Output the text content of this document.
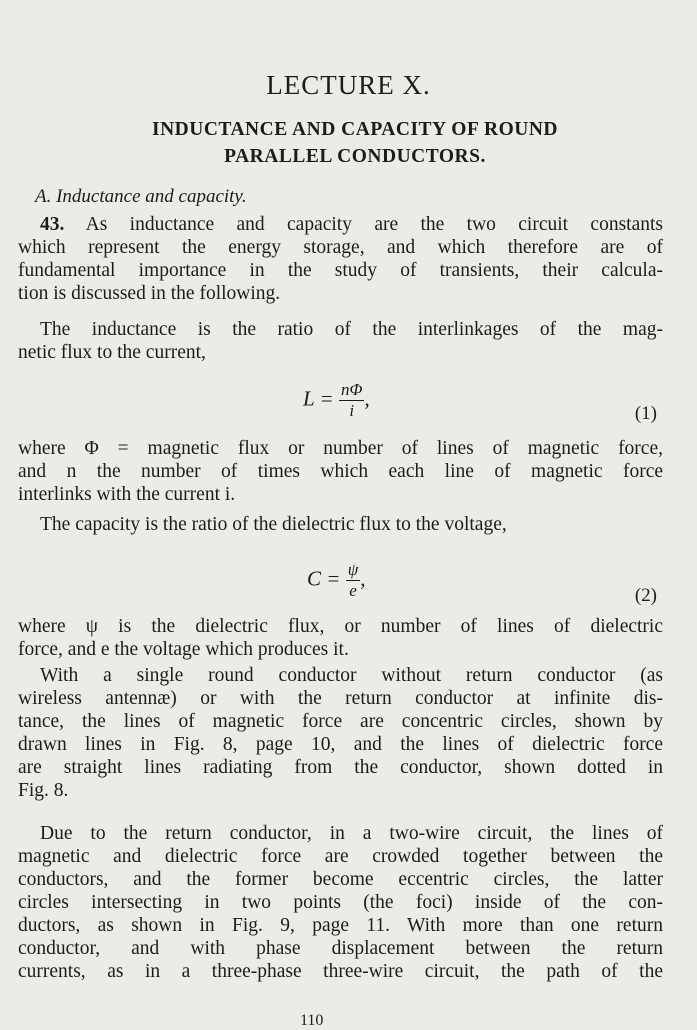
LECTURE X.
INDUCTANCE AND CAPACITY OF ROUND
PARALLEL CONDUCTORS.
A. Inductance and capacity.
43. As inductance and capacity are the two circuit constants
which represent the energy storage, and which therefore are of
fundamental importance in the study of transients, their calcula-
tion is discussed in the following.
The inductance is the ratio of the interlinkages of the mag-
netic flux to the current,
$L = \frac{n\Phi}{i}$ ,
(1)
where Φ = magnetic flux or number of lines of magnetic force,
and n the number of times which each line of magnetic force
interlinks with the current i.
The capacity is the ratio of the dielectric flux to the voltage,
$C = \frac{\psi}{e}$ ,
(2)
where ψ is the dielectric flux, or number of lines of dielectric
force, and e the voltage which produces it.
With a single round conductor without return conductor (as
wireless antennæ) or with the return conductor at infinite dis-
tance, the lines of magnetic force are concentric circles, shown by
drawn lines in Fig. 8, page 10, and the lines of dielectric force
are straight lines radiating from the conductor, shown dotted in
Fig. 8.
Due to the return conductor, in a two-wire circuit, the lines of
magnetic and dielectric force are crowded together between the
conductors, and the former become eccentric circles, the latter
circles intersecting in two points (the foci) inside of the con-
ductors, as shown in Fig. 9, page 11. With more than one return
conductor, and with phase displacement between the return
currents, as in a three-phase three-wire circuit, the path of the
110
